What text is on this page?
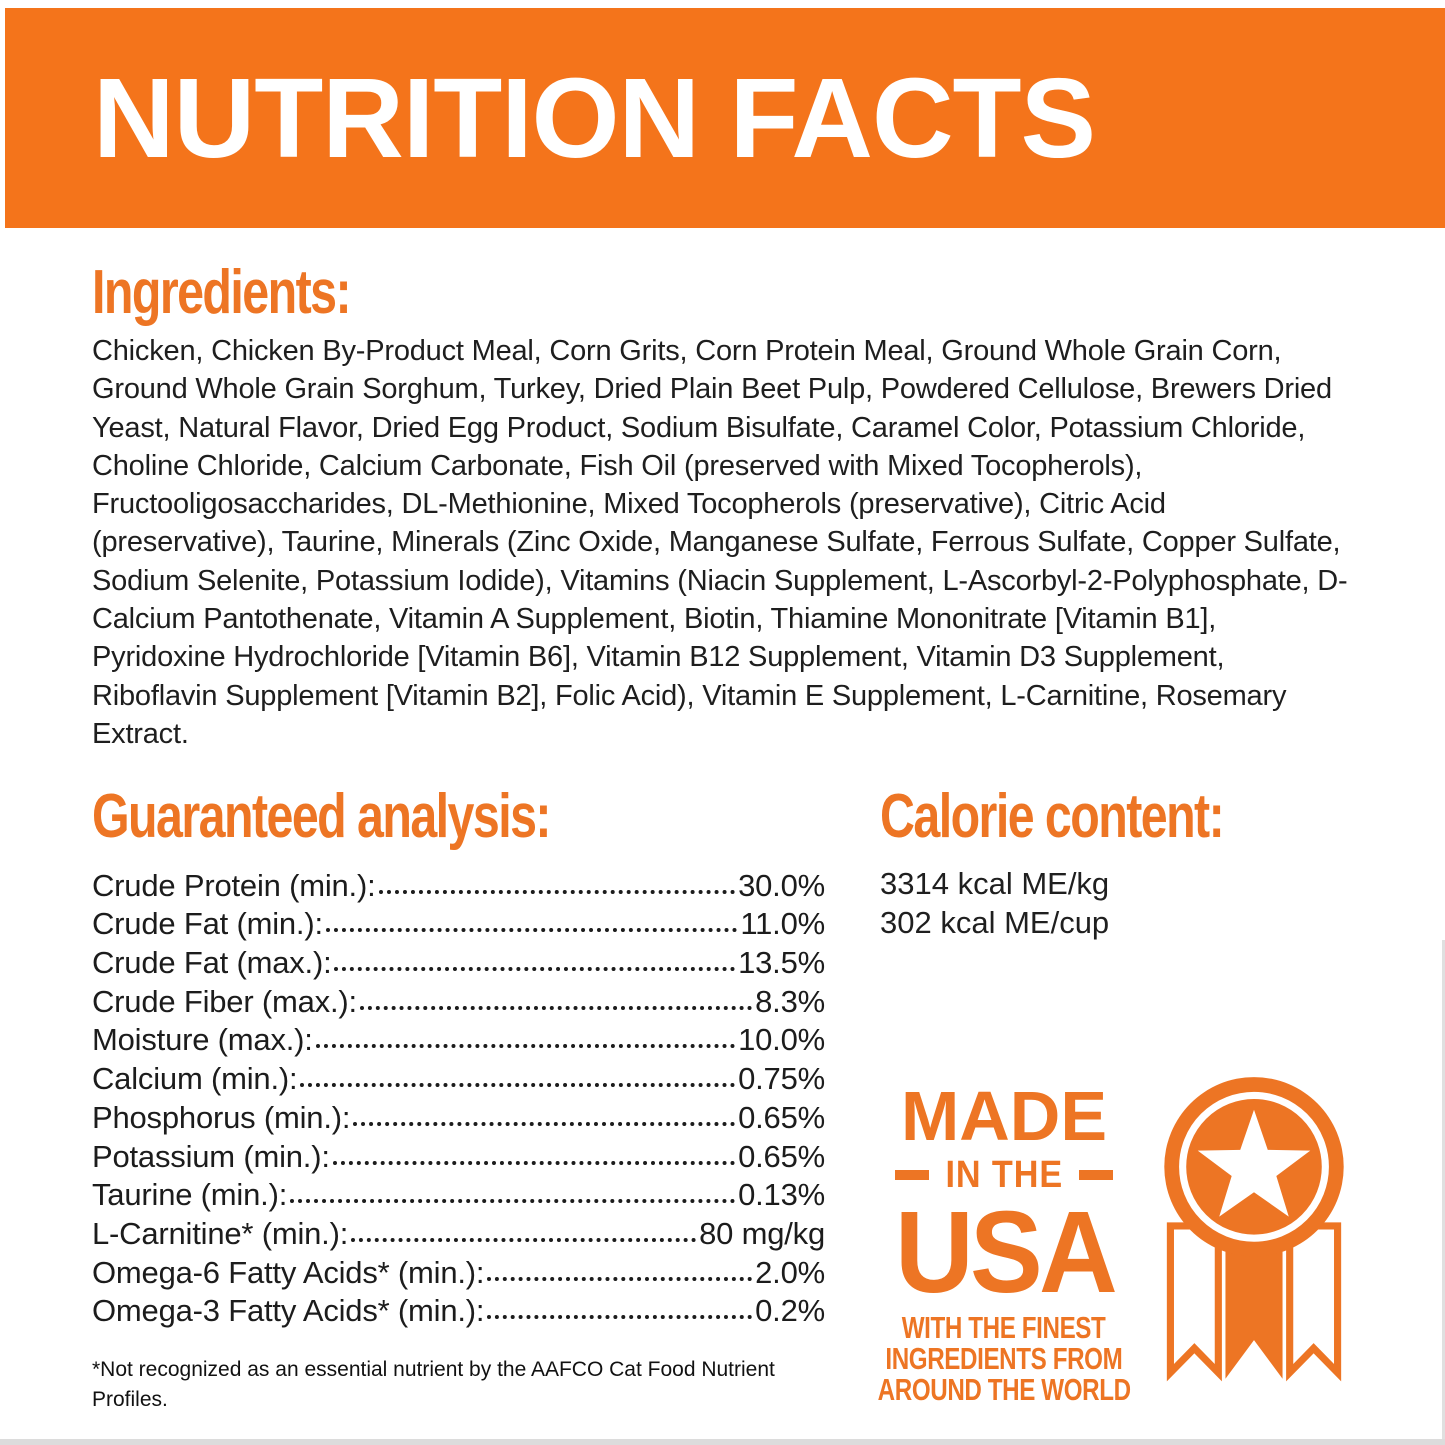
NUTRITION FACTS
Ingredients:

Chicken, Chicken By-Product Meal, Corn Grits, Corn Protein Meal, Ground Whole Grain Corn, Ground Whole Grain Sorghum, Turkey, Dried Plain Beet Pulp, Powdered Cellulose, Brewers Dried Yeast, Natural Flavor, Dried Egg Product, Sodium Bisulfate, Caramel Color, Potassium Chloride, Choline Chloride, Calcium Carbonate, Fish Oil (preserved with Mixed Tocopherols), Fructooligosaccharides, DL-Methionine, Mixed Tocopherols (preservative), Citric Acid (preservative), Taurine, Minerals (Zinc Oxide, Manganese Sulfate, Ferrous Sulfate, Copper Sulfate, Sodium Selenite, Potassium Iodide), Vitamins (Niacin Supplement, L-Ascorbyl-2-Polyphosphate, D-Calcium Pantothenate, Vitamin A Supplement, Biotin, Thiamine Mononitrate [Vitamin B1], Pyridoxine Hydrochloride [Vitamin B6], Vitamin B12 Supplement, Vitamin D3 Supplement, Riboflavin Supplement [Vitamin B2], Folic Acid), Vitamin E Supplement, L-Carnitine, Rosemary Extract.

Guaranteed analysis:
Crude Protein (min.):	30.0%
Crude Fat (min.):	11.0%
Crude Fat (max.):	13.5%
Crude Fiber (max.):	8.3%
Moisture (max.):	10.0%
Calcium (min.):	0.75%
Phosphorus (min.):	0.65%
Potassium (min.):	0.65%
Taurine (min.):	0.13%
L-Carnitine* (min.):	80 mg/kg
Omega-6 Fatty Acids* (min.):	2.0%
Omega-3 Fatty Acids* (min.):	0.2%
Calorie content:
3314 kcal ME/kg
302 kcal ME/cup
MADE
IN THE
USA
WITH THE FINEST
INGREDIENTS FROM
AROUND THE WORLD

*Not recognized as an essential nutrient by the AAFCO Cat Food Nutrient Profiles.
